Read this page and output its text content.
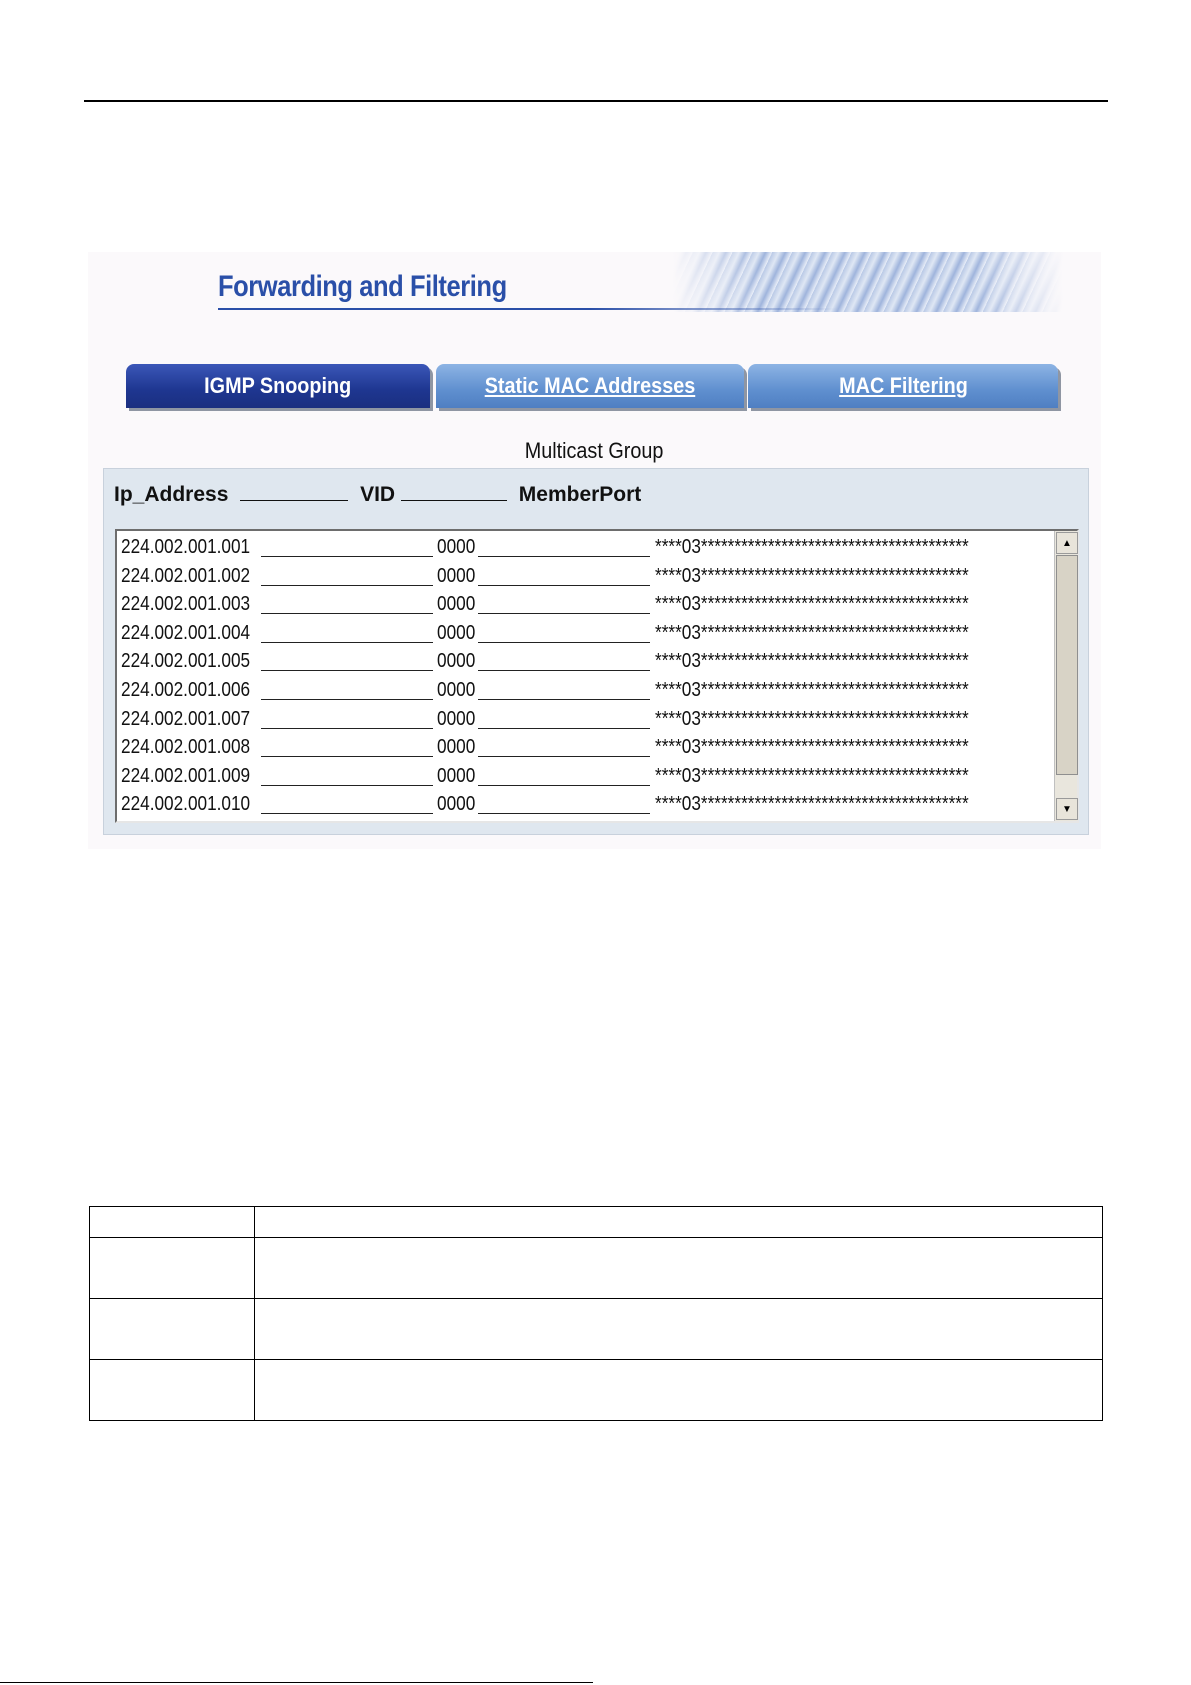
Forwarding and Filtering
IGMP Snooping	Static MAC Addresses	MAC Filtering
Multicast Group
Ip_Address	VID	MemberPort
224.002.001.001	0000	****03****************************************
224.002.001.002	0000	****03****************************************
224.002.001.003	0000	****03****************************************
224.002.001.004	0000	****03****************************************
224.002.001.005	0000	****03****************************************
224.002.001.006	0000	****03****************************************
224.002.001.007	0000	****03****************************************
224.002.001.008	0000	****03****************************************
224.002.001.009	0000	****03****************************************
224.002.001.010	0000	****03****************************************
▲
▼
